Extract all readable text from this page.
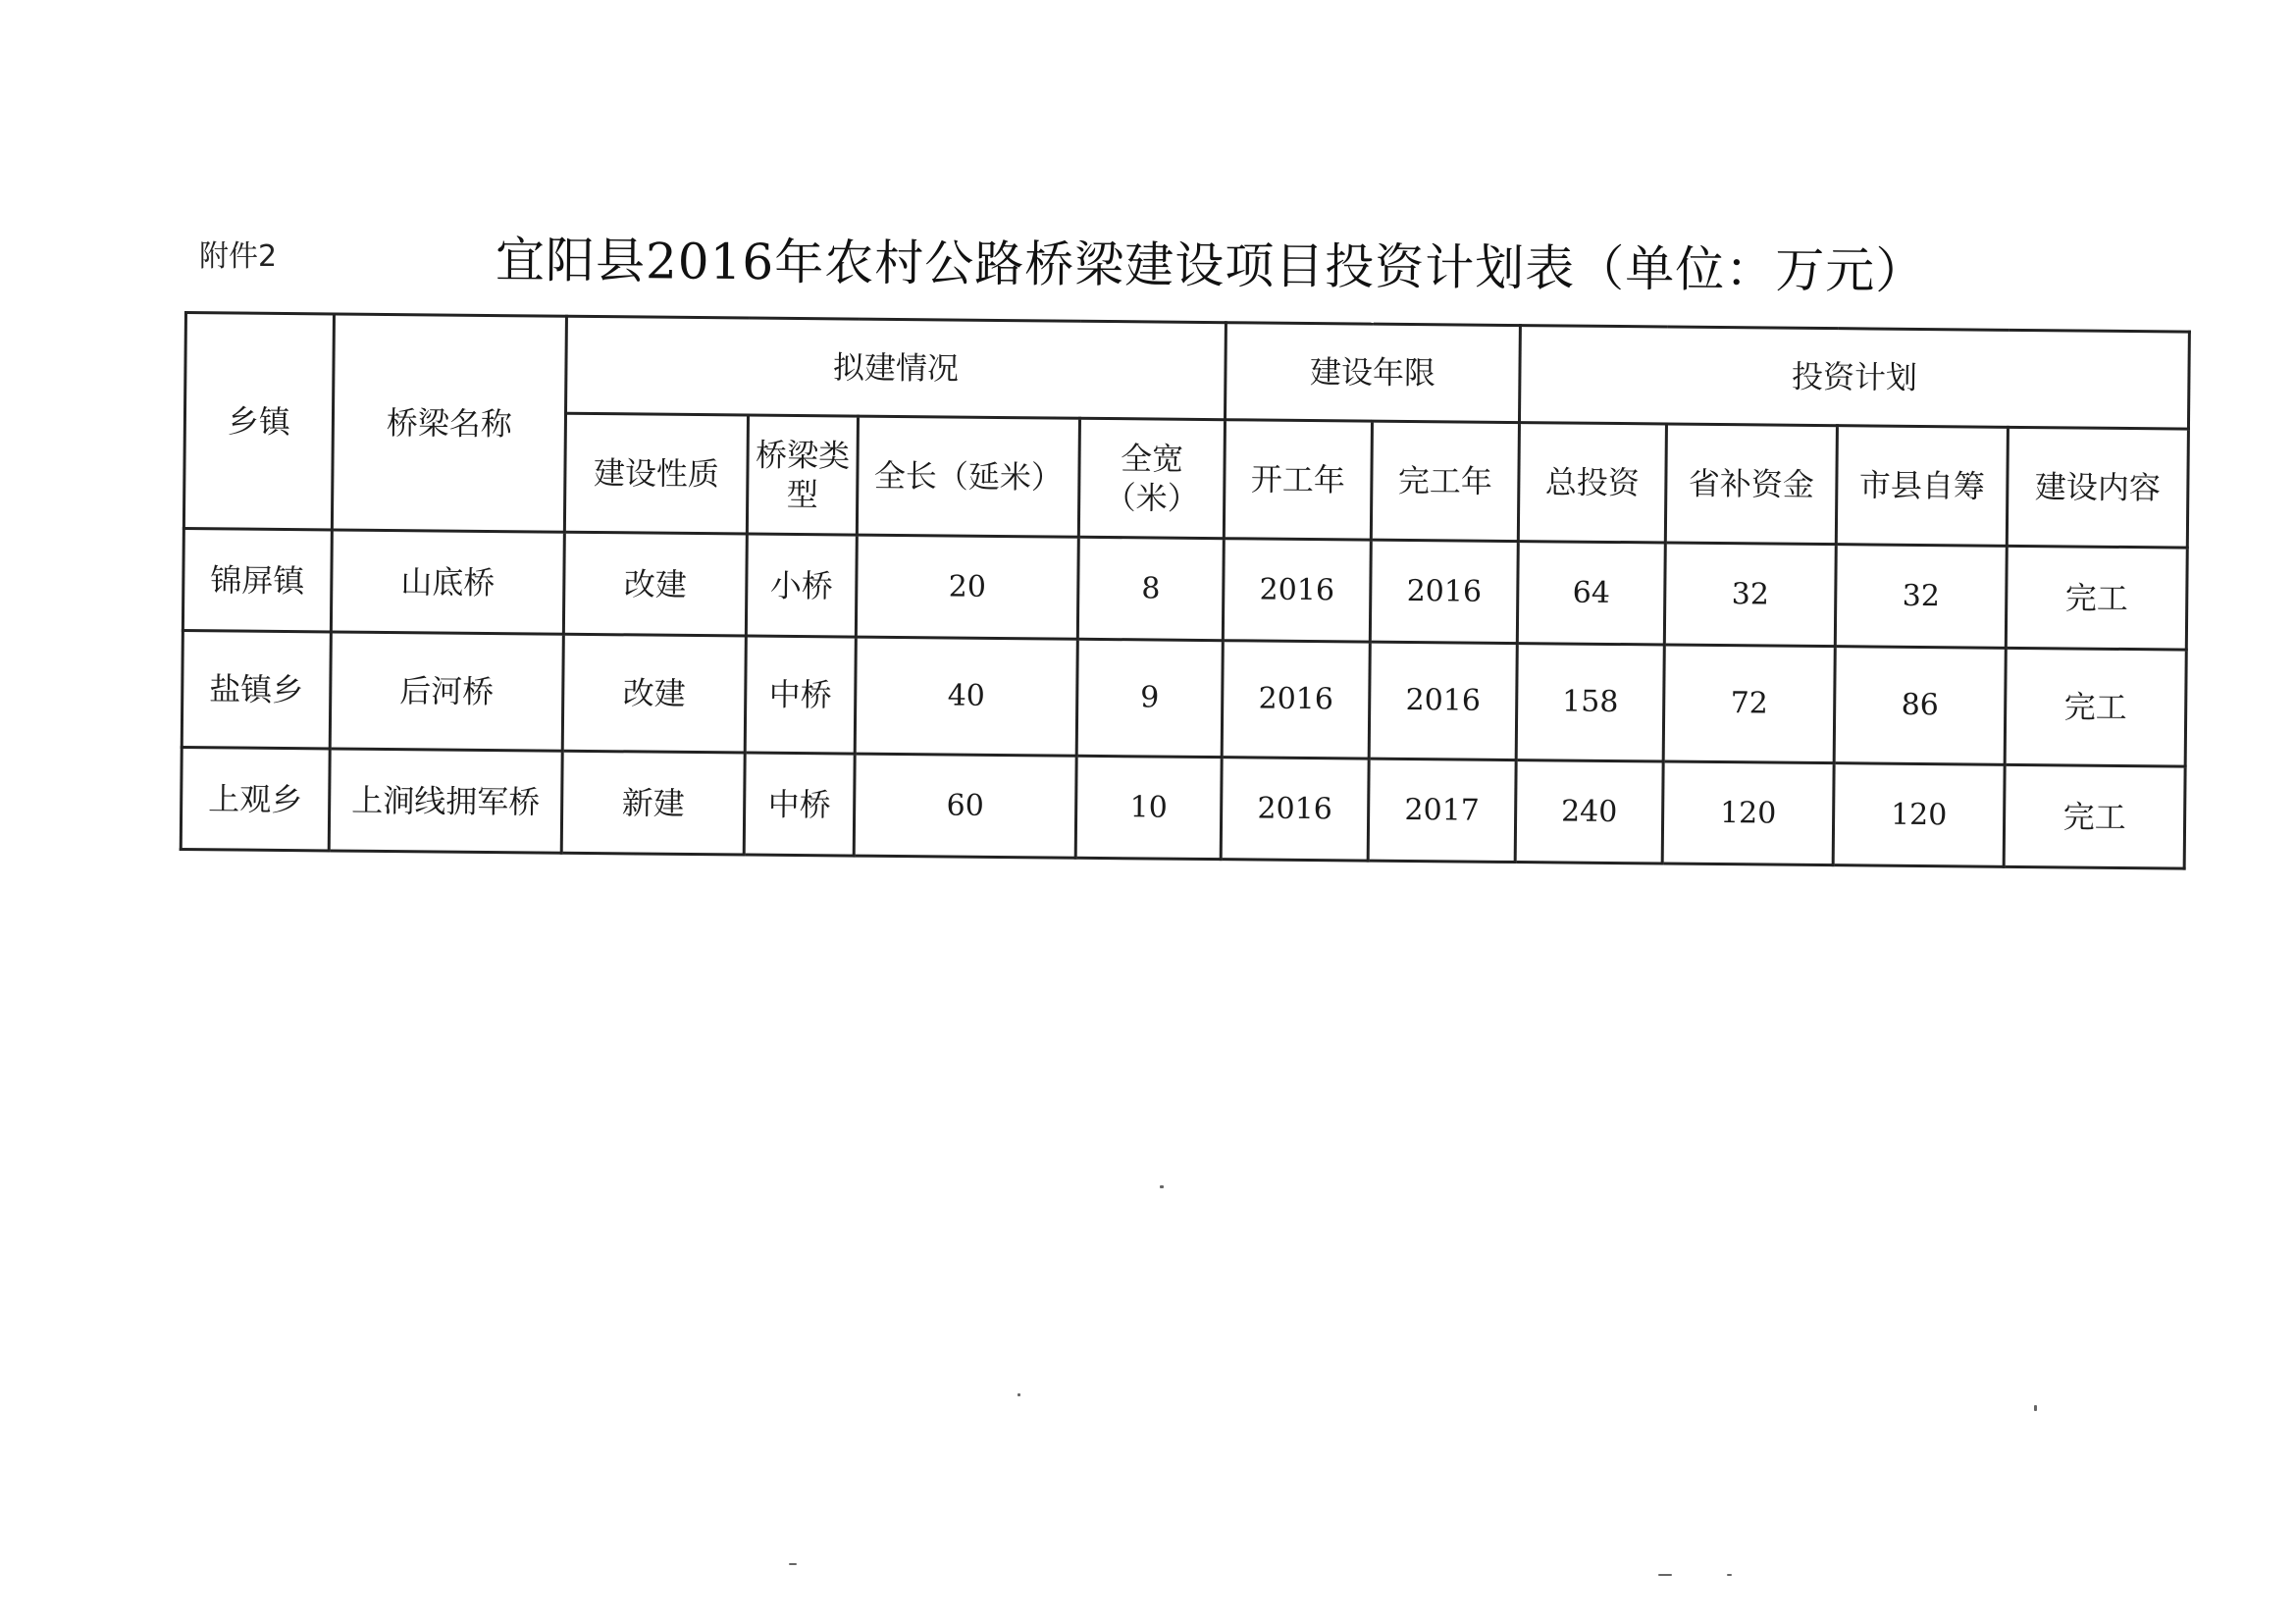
附件2	宜阳县2016年农村公路桥梁建设项目投资计划表（单位：万元）
乡镇	桥梁名称	拟建情况				建设年限		投资计划			
		建设性质	桥梁类型	全长（延米）	全宽（米）	开工年	完工年	总投资	省补资金	市县自筹	建设内容
锦屏镇	山底桥	改建	小桥	20	8	2016	2016	64	32	32	完工
盐镇乡	后河桥	改建	中桥	40	9	2016	2016	158	72	86	完工
上观乡	上涧线拥军桥	新建	中桥	60	10	2016	2017	240	120	120	完工
